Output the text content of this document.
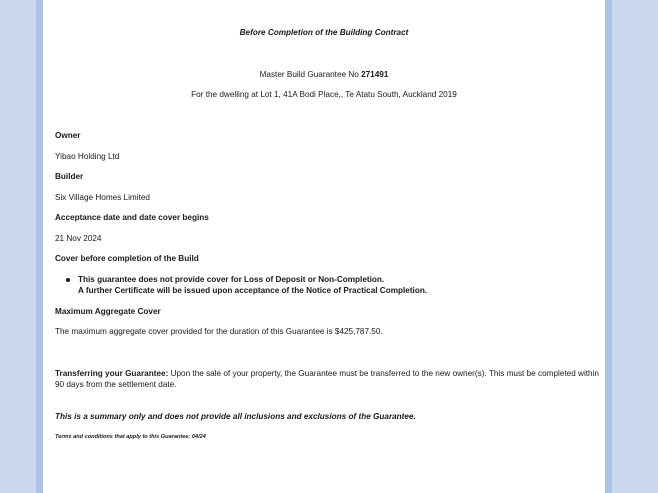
Before Completion of the Building Contract
Master Build Guarantee No 271491
For the dwelling at Lot 1, 41A Bodi Place,, Te Atatu South, Auckland 2019
Owner
Yibao Holding Ltd
Builder
Six Village Homes Limited
Acceptance date and date cover begins
21 Nov 2024
Cover before completion of the Build
This guarantee does not provide cover for Loss of Deposit or Non-Completion.
A further Certificate will be issued upon acceptance of the Notice of Practical Completion.
Maximum Aggregate Cover
The maximum aggregate cover provided for the duration of this Guarantee is $425,787.50.
Transferring your Guarantee: Upon the sale of your property, the Guarantee must be transferred to the new owner(s). This must be completed within 90 days from the settlement date.
This is a summary only and does not provide all inclusions and exclusions of the Guarantee.
Terms and conditions that apply to this Guarantee: 04/24
